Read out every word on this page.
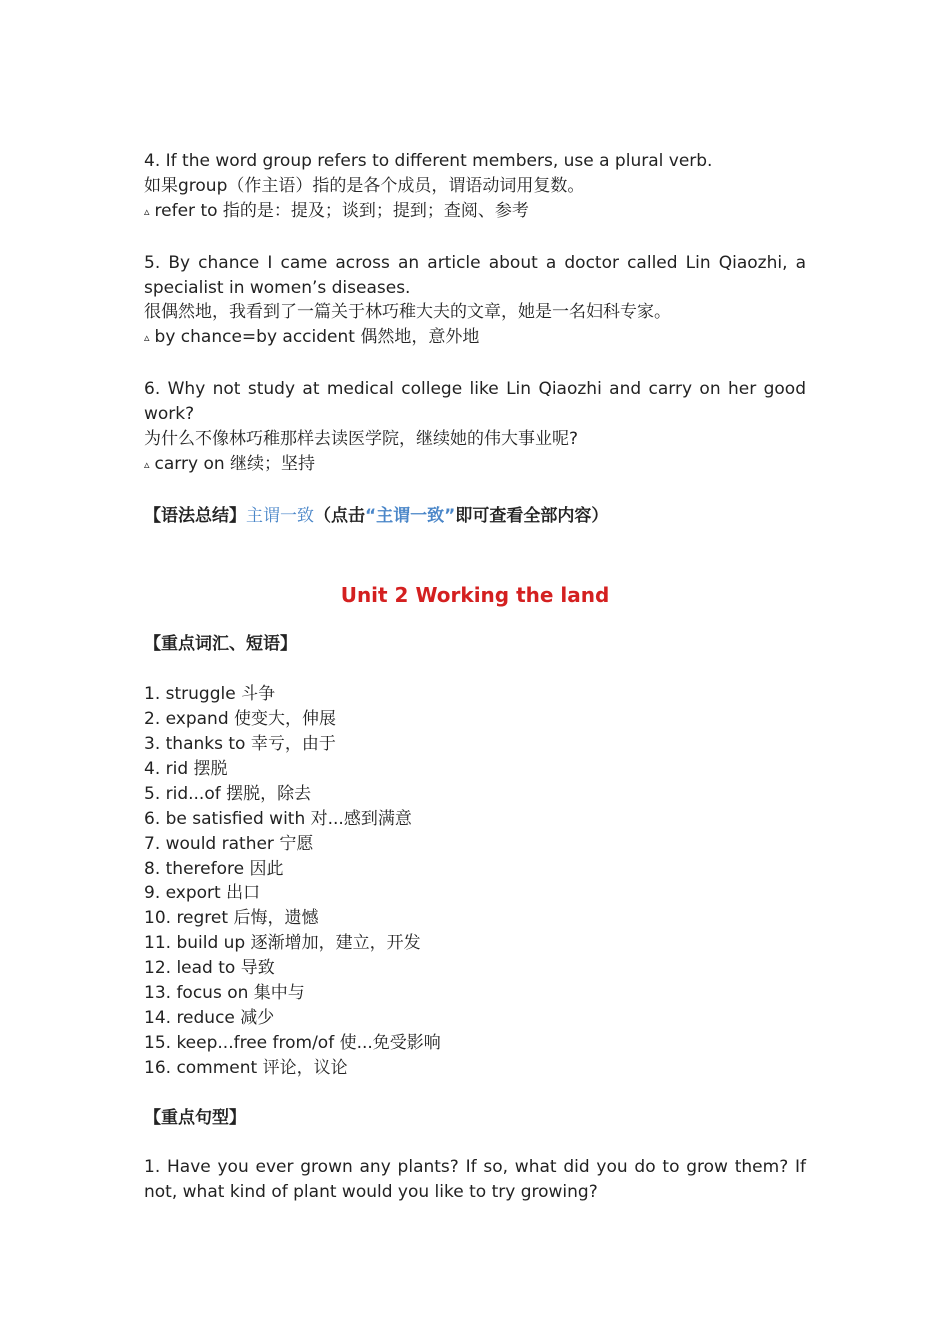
4. If the word group refers to different members, use a plural verb.
如果group（作主语）指的是各个成员，谓语动词用复数。
▵ refer to 指的是：提及；谈到；提到；查阅、参考
5. By chance I came across an article about a doctor called Lin Qiaozhi, a specialist in women’s diseases.
很偶然地，我看到了一篇关于林巧稚大夫的文章，她是一名妇科专家。
▵ by chance=by accident 偶然地，意外地
6. Why not study at medical college like Lin Qiaozhi and carry on her good work?
为什么不像林巧稚那样去读医学院，继续她的伟大事业呢?
▵ carry on 继续；坚持
【语法总结】主谓一致（点击“主谓一致”即可查看全部内容）
Unit 2 Working the land
【重点词汇、短语】
1. struggle 斗争
2. expand 使变大，伸展
3. thanks to 幸亏，由于
4. rid 摆脱
5. rid...of 摆脱，除去
6. be satisfied with 对...感到满意
7. would rather 宁愿
8. therefore 因此
9. export 出口
10. regret 后悔，遗憾
11. build up 逐渐增加，建立，开发
12. lead to 导致
13. focus on 集中与
14. reduce 减少
15. keep...free from/of 使...免受影响
16. comment 评论，议论
【重点句型】
1. Have you ever grown any plants? If so, what did you do to grow them? If not, what kind of plant would you like to try growing?
